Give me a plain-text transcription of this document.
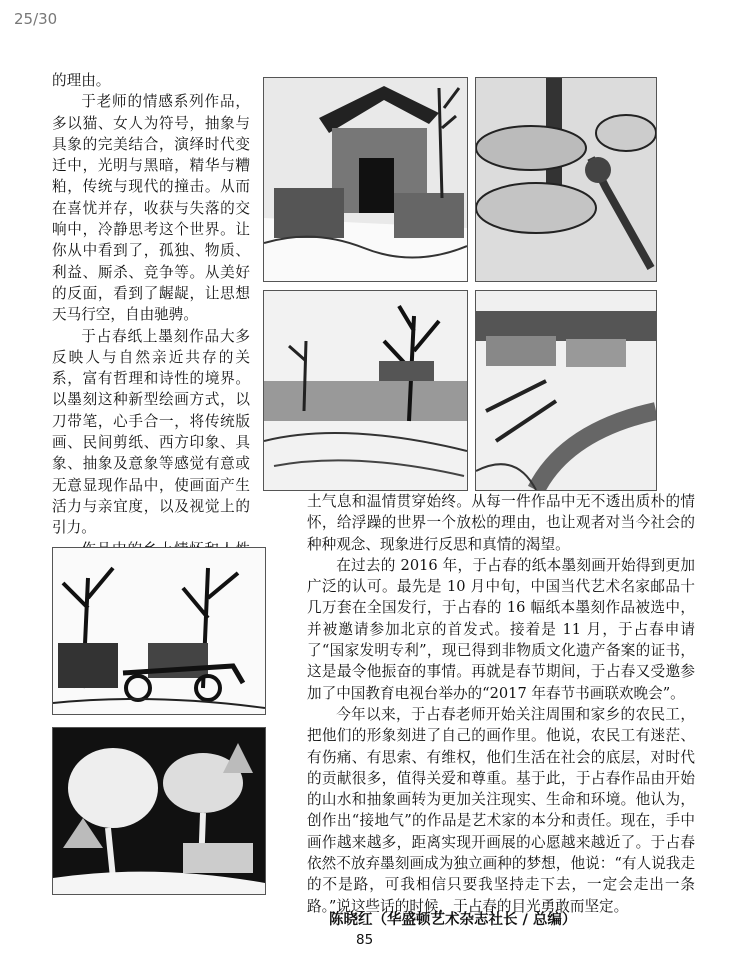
25/30

的理由。

于老师的情感系列作品，多以猫、女人为符号，抽象与具象的完美结合，演绎时代变迁中，光明与黑暗，精华与糟粕，传统与现代的撞击。从而在喜忧并存，收获与失落的交响中，冷静思考这个世界。让你从中看到了，孤独、物质、利益、厮杀、竞争等。从美好的反面，看到了龌龊，让思想天马行空，自由驰骋。

于占春纸上墨刻作品大多反映人与自然亲近共存的关系，富有哲理和诗性的境界。以墨刻这种新型绘画方式，以刀带笔，心手合一，将传统版画、民间剪纸、西方印象、具象、抽象及意象等感觉有意或无意显现作品中，使画面产生活力与亲宜度，以及视觉上的引力。

土气息和温情贯穿始终。从每一件作品中无不透出质朴的情怀，给浮躁的世界一个放松的理由，也让观者对当今社会的种种观念、现象进行反思和真情的渴望。

在过去的 2016 年，于占春的纸本墨刻画开始得到更加广泛的认可。最先是 10 月中旬，中国当代艺术名家邮品十几万套在全国发行，于占春的 16 幅纸本墨刻作品被选中，并被邀请参加北京的首发式。接着是 11 月，于占春申请了“国家发明专利”，现已得到非物质文化遗产备案的证书，这是最令他振奋的事情。再就是春节期间，于占春又受邀参加了中国教育电视台举办的“2017 年春节书画联欢晚会”。

今年以来，于占春老师开始关注周围和家乡的农民工，把他们的形象刻进了自己的画作里。他说，农民工有迷茫、有伤痛、有思索、有维权，他们生活在社会的底层，对时代的贡献很多，值得关爱和尊重。基于此，于占春作品由开始的山水和抽象画转为更加关注现实、生命和环境。他认为，创作出“接地气”的作品是艺术家的本分和责任。现在，手中画作越来越多，距离实现开画展的心愿越来越近了。于占春依然不放弃墨刻画成为独立画种的梦想，他说：“有人说我走的不是路，可我相信只要我坚持走下去，一定会走出一条路。”说这些话的时候，于占春的目光勇敢而坚定。

陈晓红（华盛顿艺术杂志社长 / 总编）
85
